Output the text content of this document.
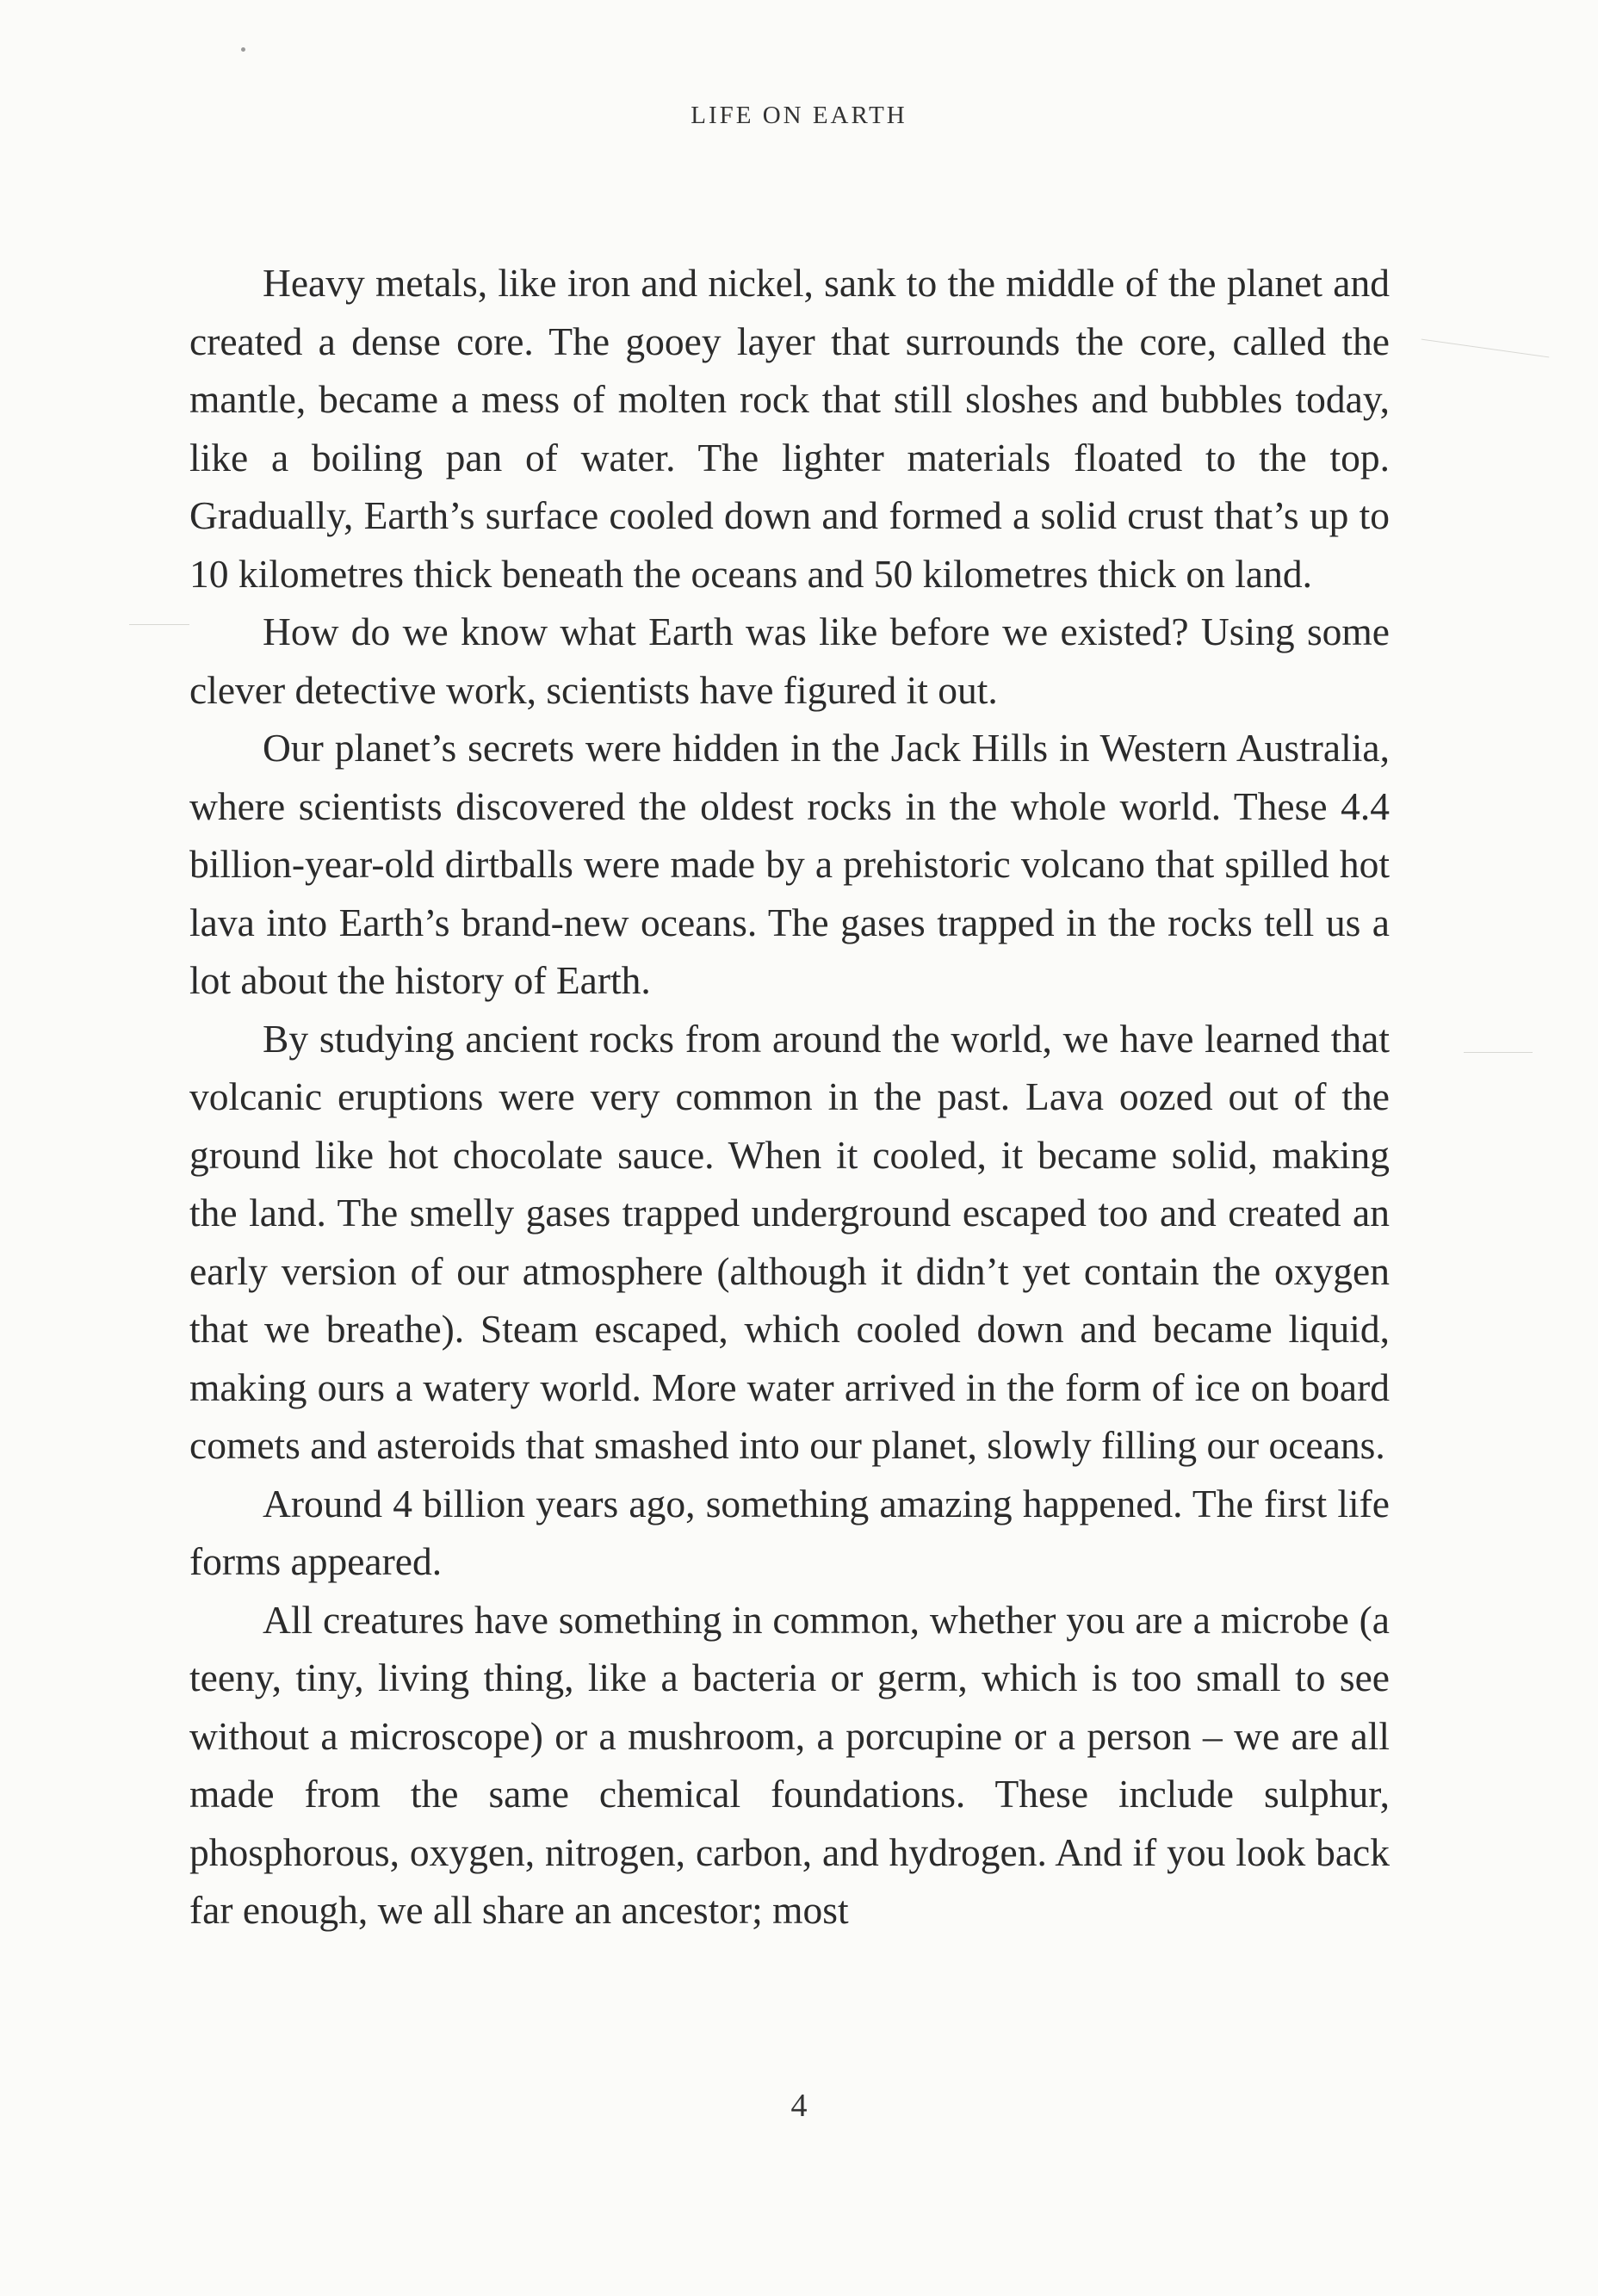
LIFE ON EARTH

Heavy metals, like iron and nickel, sank to the middle of the planet and created a dense core. The gooey layer that surrounds the core, called the mantle, became a mess of molten rock that still sloshes and bubbles today, like a boiling pan of water. The lighter materials floated to the top. Gradually, Earth’s surface cooled down and formed a solid crust that’s up to 10 kilometres thick beneath the oceans and 50 kilometres thick on land.

How do we know what Earth was like before we existed? Using some clever detective work, scientists have figured it out.

Our planet’s secrets were hidden in the Jack Hills in Western Australia, where scientists discovered the oldest rocks in the whole world. These 4.4 billion-year-old dirtballs were made by a prehistoric volcano that spilled hot lava into Earth’s brand-new oceans. The gases trapped in the rocks tell us a lot about the history of Earth.

By studying ancient rocks from around the world, we have learned that volcanic eruptions were very common in the past. Lava oozed out of the ground like hot chocolate sauce. When it cooled, it became solid, making the land. The smelly gases trapped underground escaped too and created an early version of our atmosphere (although it didn’t yet contain the oxygen that we breathe). Steam escaped, which cooled down and became liquid, making ours a watery world. More water arrived in the form of ice on board comets and asteroids that smashed into our planet, slowly filling our oceans.

Around 4 billion years ago, something amazing happened. The first life forms appeared.

All creatures have something in common, whether you are a microbe (a teeny, tiny, living thing, like a bacteria or germ, which is too small to see without a microscope) or a mushroom, a porcupine or a person – we are all made from the same chemical foundations. These include sulphur, phosphorous, oxygen, nitrogen, carbon, and hydrogen. And if you look back far enough, we all share an ancestor; most

4
